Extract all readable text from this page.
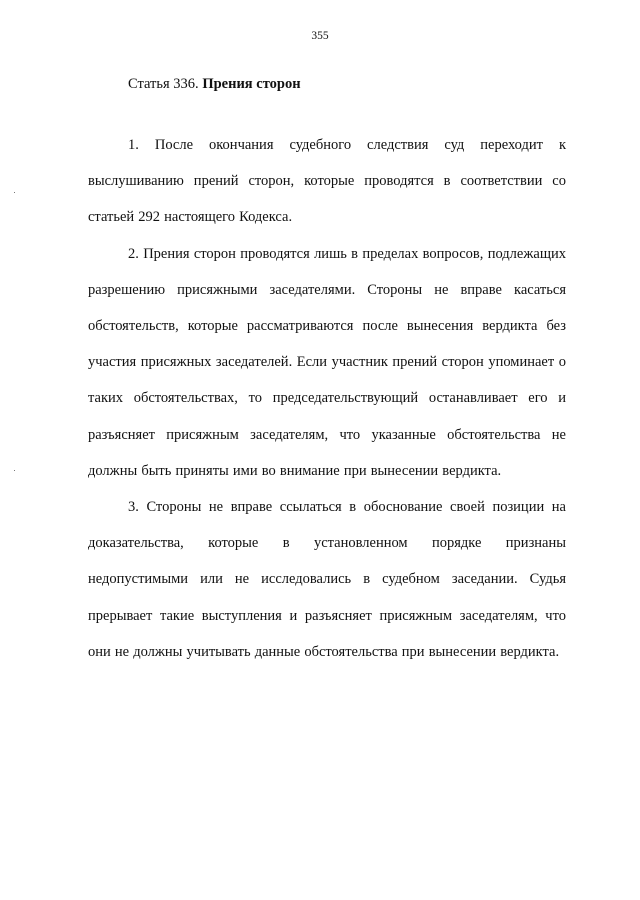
355
Статья 336. Прения сторон

1. После окончания судебного следствия суд переходит к выслушиванию прений сторон, которые проводятся в соответствии со статьей 292 настоящего Кодекса.

2. Прения сторон проводятся лишь в пределах вопросов, подлежащих разрешению присяжными заседателями. Стороны не вправе касаться обстоятельств, которые рассматриваются после вынесения вердикта без участия присяжных заседателей. Если участник прений сторон упоминает о таких обстоятельствах, то председательствующий останавливает его и разъясняет присяжным заседателям, что указанные обстоятельства не должны быть приняты ими во внимание при вынесении вердикта.

3. Стороны не вправе ссылаться в обоснование своей позиции на доказательства, которые в установленном порядке признаны недопустимыми или не исследовались в судебном заседании. Судья прерывает такие выступления и разъясняет присяжным заседателям, что они не должны учитывать данные обстоятельства при вынесении вердикта.
